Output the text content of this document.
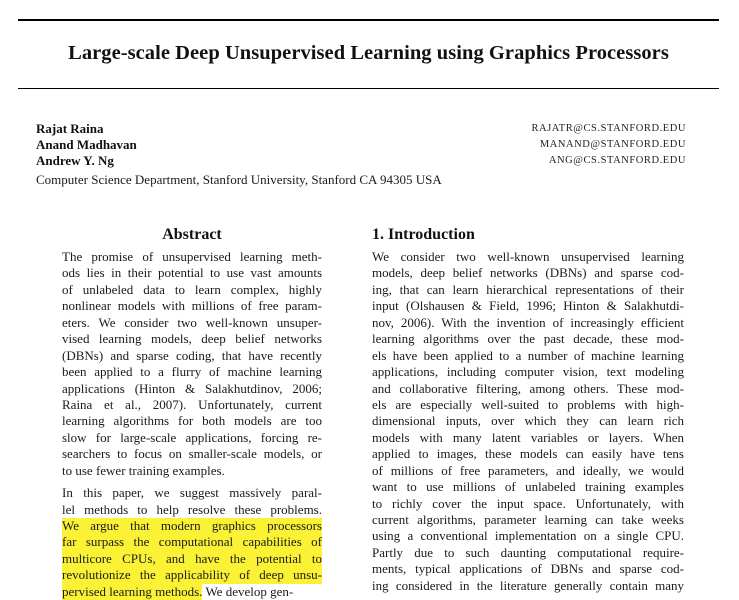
Large-scale Deep Unsupervised Learning using Graphics Processors
Rajat Raina	RAJATR@CS.STANFORD.EDU
Anand Madhavan	MANAND@STANFORD.EDU
Andrew Y. Ng	ANG@CS.STANFORD.EDU
Computer Science Department, Stanford University, Stanford CA 94305 USA
Abstract
The promise of unsupervised learning meth-
ods lies in their potential to use vast amounts
of unlabeled data to learn complex, highly
nonlinear models with millions of free param-
eters. We consider two well-known unsuper-
vised learning models, deep belief networks
(DBNs) and sparse coding, that have recently
been applied to a flurry of machine learning
applications (Hinton & Salakhutdinov, 2006;
Raina et al., 2007). Unfortunately, current
learning algorithms for both models are too
slow for large-scale applications, forcing re-
searchers to focus on smaller-scale models, or
to use fewer training examples.
In this paper, we suggest massively paral-
lel methods to help resolve these problems.
We argue that modern graphics processors
far surpass the computational capabilities of
multicore CPUs, and have the potential to
revolutionize the applicability of deep unsu-
pervised learning methods. We develop gen-
1. Introduction
We consider two well-known unsupervised learning
models, deep belief networks (DBNs) and sparse cod-
ing, that can learn hierarchical representations of their
input (Olshausen & Field, 1996; Hinton & Salakhutdi-
nov, 2006). With the invention of increasingly efficient
learning algorithms over the past decade, these mod-
els have been applied to a number of machine learning
applications, including computer vision, text modeling
and collaborative filtering, among others. These mod-
els are especially well-suited to problems with high-
dimensional inputs, over which they can learn rich
models with many latent variables or layers. When
applied to images, these models can easily have tens
of millions of free parameters, and ideally, we would
want to use millions of unlabeled training examples
to richly cover the input space. Unfortunately, with
current algorithms, parameter learning can take weeks
using a conventional implementation on a single CPU.
Partly due to such daunting computational require-
ments, typical applications of DBNs and sparse cod-
ing considered in the literature generally contain many
